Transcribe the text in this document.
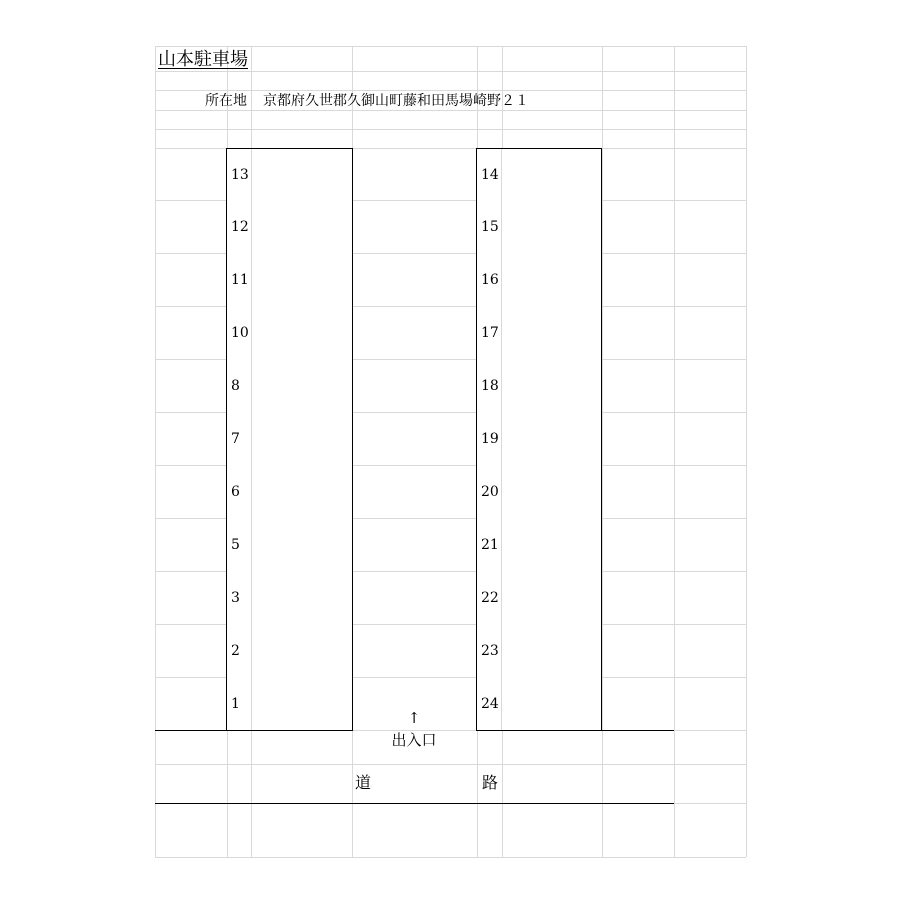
山本駐車場
所在地 京都府久世郡久御山町藤和田馬場崎野２１
13
12
11
10
8
7
6
5
3
2
1
14
15
16
17
18
19
20
21
22
23
24
↑
出入口
道	路
